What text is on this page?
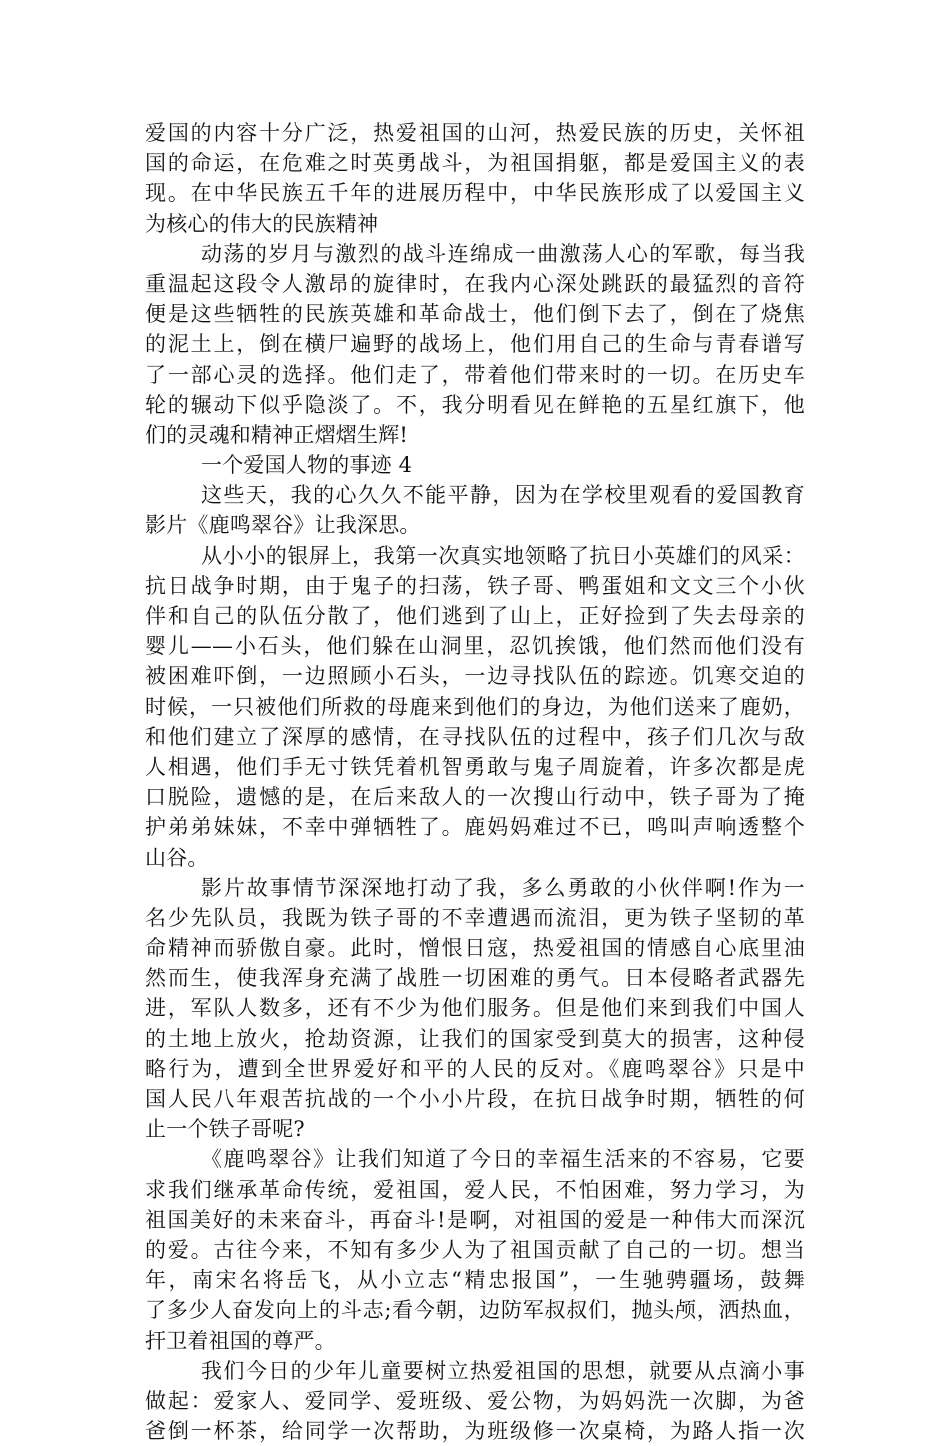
爱国的内容十分广泛，热爱祖国的山河，热爱民族的历史，关怀祖
国的命运，在危难之时英勇战斗，为祖国捐躯，都是爱国主义的表
现。在中华民族五千年的进展历程中，中华民族形成了以爱国主义
为核心的伟大的民族精神
动荡的岁月与激烈的战斗连绵成一曲激荡人心的军歌，每当我
重温起这段令人激昂的旋律时，在我内心深处跳跃的最猛烈的音符
便是这些牺牲的民族英雄和革命战士，他们倒下去了，倒在了烧焦
的泥土上，倒在横尸遍野的战场上，他们用自己的生命与青春谱写
了一部心灵的选择。他们走了，带着他们带来时的一切。在历史车
轮的辗动下似乎隐淡了。不，我分明看见在鲜艳的五星红旗下，他
们的灵魂和精神正熠熠生辉!
一个爱国人物的事迹 4
这些天，我的心久久不能平静，因为在学校里观看的爱国教育
影片《鹿鸣翠谷》让我深思。
从小小的银屏上，我第一次真实地领略了抗日小英雄们的风采：
抗日战争时期，由于鬼子的扫荡，铁子哥、鸭蛋姐和文文三个小伙
伴和自己的队伍分散了，他们逃到了山上，正好捡到了失去母亲的
婴儿——小石头，他们躲在山洞里，忍饥挨饿，他们然而他们没有
被困难吓倒，一边照顾小石头，一边寻找队伍的踪迹。饥寒交迫的
时候，一只被他们所救的母鹿来到他们的身边，为他们送来了鹿奶，
和他们建立了深厚的感情，在寻找队伍的过程中，孩子们几次与敌
人相遇，他们手无寸铁凭着机智勇敢与鬼子周旋着，许多次都是虎
口脱险，遗憾的是，在后来敌人的一次搜山行动中，铁子哥为了掩
护弟弟妹妹，不幸中弹牺牲了。鹿妈妈难过不已，鸣叫声响透整个
山谷。
影片故事情节深深地打动了我，多么勇敢的小伙伴啊!作为一
名少先队员，我既为铁子哥的不幸遭遇而流泪，更为铁子坚韧的革
命精神而骄傲自豪。此时，憎恨日寇，热爱祖国的情感自心底里油
然而生，使我浑身充满了战胜一切困难的勇气。日本侵略者武器先
进，军队人数多，还有不少为他们服务。但是他们来到我们中国人
的土地上放火，抢劫资源，让我们的国家受到莫大的损害，这种侵
略行为，遭到全世界爱好和平的人民的反对。《鹿鸣翠谷》只是中
国人民八年艰苦抗战的一个小小片段，在抗日战争时期，牺牲的何
止一个铁子哥呢?
《鹿鸣翠谷》让我们知道了今日的幸福生活来的不容易，它要
求我们继承革命传统，爱祖国，爱人民，不怕困难，努力学习，为
祖国美好的未来奋斗，再奋斗!是啊，对祖国的爱是一种伟大而深沉
的爱。古往今来，不知有多少人为了祖国贡献了自己的一切。想当
年，南宋名将岳飞，从小立志“精忠报国”，一生驰骋疆场，鼓舞
了多少人奋发向上的斗志;看今朝，边防军叔叔们，抛头颅，洒热血，
扞卫着祖国的尊严。
我们今日的少年儿童要树立热爱祖国的思想，就要从点滴小事
做起：爱家人、爱同学、爱班级、爱公物，为妈妈洗一次脚，为爸
爸倒一杯茶，给同学一次帮助，为班级修一次桌椅，为路人指一次
